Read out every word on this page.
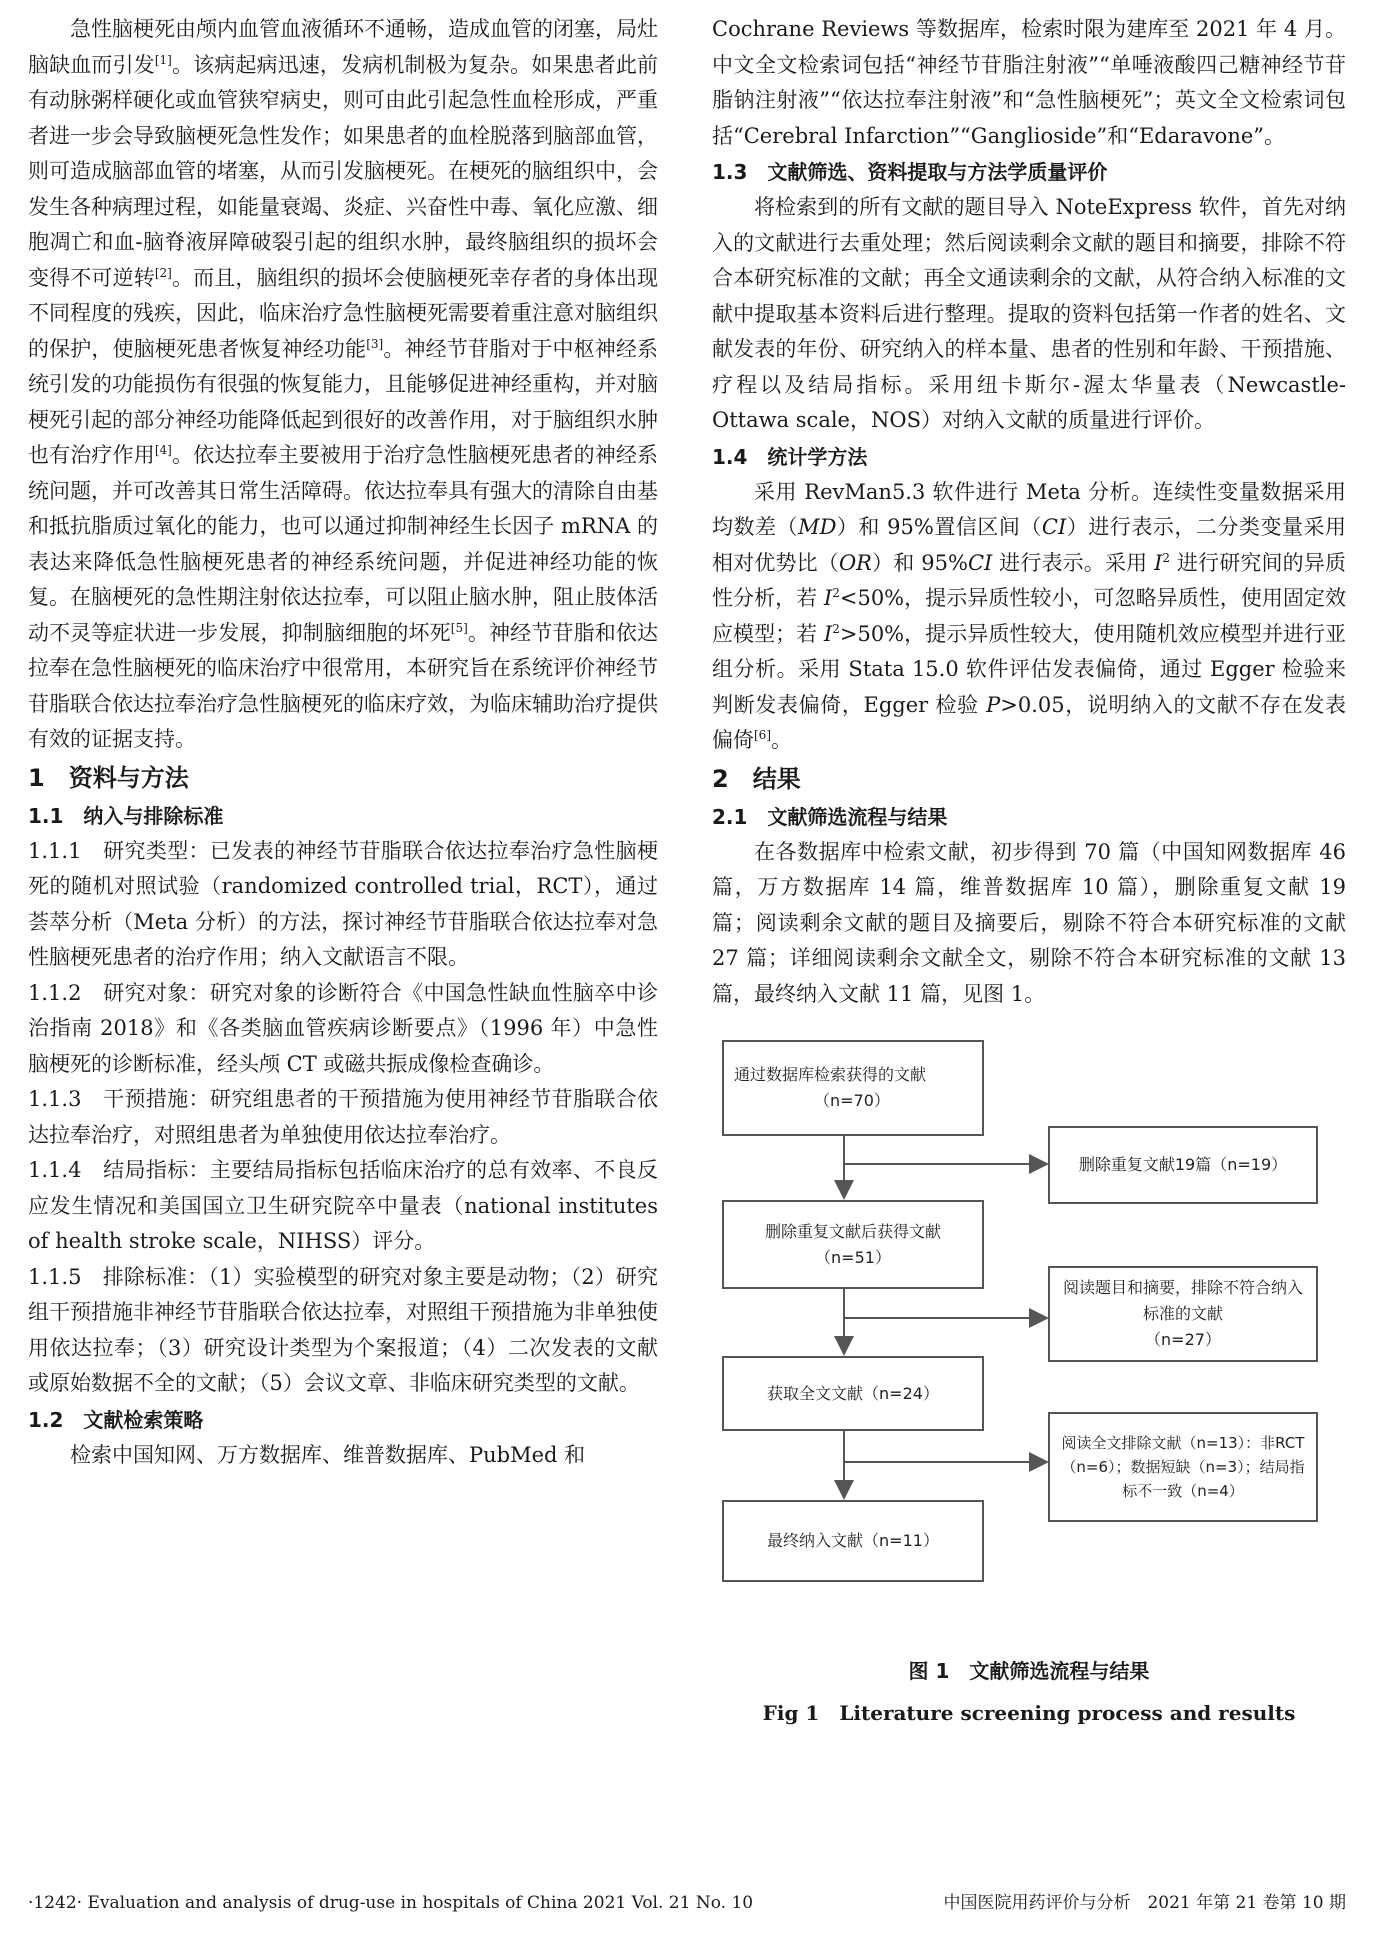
急性脑梗死由颅内血管血液循环不通畅，造成血管的闭塞，局灶脑缺血而引发[1]。该病起病迅速，发病机制极为复杂。如果患者此前有动脉粥样硬化或血管狭窄病史，则可由此引起急性血栓形成，严重者进一步会导致脑梗死急性发作；如果患者的血栓脱落到脑部血管，则可造成脑部血管的堵塞，从而引发脑梗死。在梗死的脑组织中，会发生各种病理过程，如能量衰竭、炎症、兴奋性中毒、氧化应激、细胞凋亡和血-脑脊液屏障破裂引起的组织水肿，最终脑组织的损坏会变得不可逆转[2]。而且，脑组织的损坏会使脑梗死幸存者的身体出现不同程度的残疾，因此，临床治疗急性脑梗死需要着重注意对脑组织的保护，使脑梗死患者恢复神经功能[3]。神经节苷脂对于中枢神经系统引发的功能损伤有很强的恢复能力，且能够促进神经重构，并对脑梗死引起的部分神经功能降低起到很好的改善作用，对于脑组织水肿也有治疗作用[4]。依达拉奉主要被用于治疗急性脑梗死患者的神经系统问题，并可改善其日常生活障碍。依达拉奉具有强大的清除自由基和抵抗脂质过氧化的能力，也可以通过抑制神经生长因子 mRNA 的表达来降低急性脑梗死患者的神经系统问题，并促进神经功能的恢复。在脑梗死的急性期注射依达拉奉，可以阻止脑水肿，阻止肢体活动不灵等症状进一步发展，抑制脑细胞的坏死[5]。神经节苷脂和依达拉奉在急性脑梗死的临床治疗中很常用，本研究旨在系统评价神经节苷脂联合依达拉奉治疗急性脑梗死的临床疗效，为临床辅助治疗提供有效的证据支持。

1　资料与方法

1.1　纳入与排除标准

1.1.1　研究类型：已发表的神经节苷脂联合依达拉奉治疗急性脑梗死的随机对照试验（randomized controlled trial，RCT），通过荟萃分析（Meta 分析）的方法，探讨神经节苷脂联合依达拉奉对急性脑梗死患者的治疗作用；纳入文献语言不限。

1.1.2　研究对象：研究对象的诊断符合《中国急性缺血性脑卒中诊治指南 2018》和《各类脑血管疾病诊断要点》（1996 年）中急性脑梗死的诊断标准，经头颅 CT 或磁共振成像检查确诊。

1.1.3　干预措施：研究组患者的干预措施为使用神经节苷脂联合依达拉奉治疗，对照组患者为单独使用依达拉奉治疗。

1.1.4　结局指标：主要结局指标包括临床治疗的总有效率、不良反应发生情况和美国国立卫生研究院卒中量表（national institutes of health stroke scale，NIHSS）评分。

1.1.5　排除标准：（1）实验模型的研究对象主要是动物；（2）研究组干预措施非神经节苷脂联合依达拉奉，对照组干预措施为非单独使用依达拉奉；（3）研究设计类型为个案报道；（4）二次发表的文献或原始数据不全的文献；（5）会议文章、非临床研究类型的文献。

1.2　文献检索策略

检索中国知网、万方数据库、维普数据库、PubMed 和

Cochrane Reviews 等数据库，检索时限为建库至 2021 年 4 月。中文全文检索词包括“神经节苷脂注射液”“单唾液酸四己糖神经节苷脂钠注射液”“依达拉奉注射液”和“急性脑梗死”；英文全文检索词包括“Cerebral Infarction”“Ganglioside”和“Edaravone”。

1.3　文献筛选、资料提取与方法学质量评价

将检索到的所有文献的题目导入 NoteExpress 软件，首先对纳入的文献进行去重处理；然后阅读剩余文献的题目和摘要，排除不符合本研究标准的文献；再全文通读剩余的文献，从符合纳入标准的文献中提取基本资料后进行整理。提取的资料包括第一作者的姓名、文献发表的年份、研究纳入的样本量、患者的性别和年龄、干预措施、疗程以及结局指标。采用纽卡斯尔-渥太华量表（Newcastle-Ottawa scale，NOS）对纳入文献的质量进行评价。

1.4　统计学方法

采用 RevMan5.3 软件进行 Meta 分析。连续性变量数据采用均数差（MD）和 95%置信区间（CI）进行表示，二分类变量采用相对优势比（OR）和 95%CI 进行表示。采用 $I^2$ 进行研究间的异质性分析，若 $I^2<50\%$，提示异质性较小，可忽略异质性，使用固定效应模型；若 $I^2>50\%$，提示异质性较大，使用随机效应模型并进行亚组分析。采用 Stata 15.0 软件评估发表偏倚，通过 Egger 检验来判断发表偏倚，Egger 检验 P>0.05，说明纳入的文献不存在发表偏倚[6]。

2　结果

2.1　文献筛选流程与结果

在各数据库中检索文献，初步得到 70 篇（中国知网数据库 46 篇，万方数据库 14 篇，维普数据库 10 篇），删除重复文献 19 篇；阅读剩余文献的题目及摘要后，剔除不符合本研究标准的文献 27 篇；详细阅读剩余文献全文，剔除不符合本研究标准的文献 13 篇，最终纳入文献 11 篇，见图 1。

通过数据库检索获得的文献
（n=70）
删除重复文献19篇（n=19）
删除重复文献后获得文献
（n=51）
阅读题目和摘要，排除不符合纳入标准的文献
（n=27）
获取全文文献（n=24）
阅读全文排除文献（n=13）：非RCT（n=6）；数据短缺（n=3）；结局指标不一致（n=4）
最终纳入文献（n=11）
图 1　文献筛选流程与结果
Fig 1　Literature screening process and results
·1242· Evaluation and analysis of drug-use in hospitals of China 2021 Vol. 21 No. 10	中国医院用药评价与分析　2021 年第 21 卷第 10 期
